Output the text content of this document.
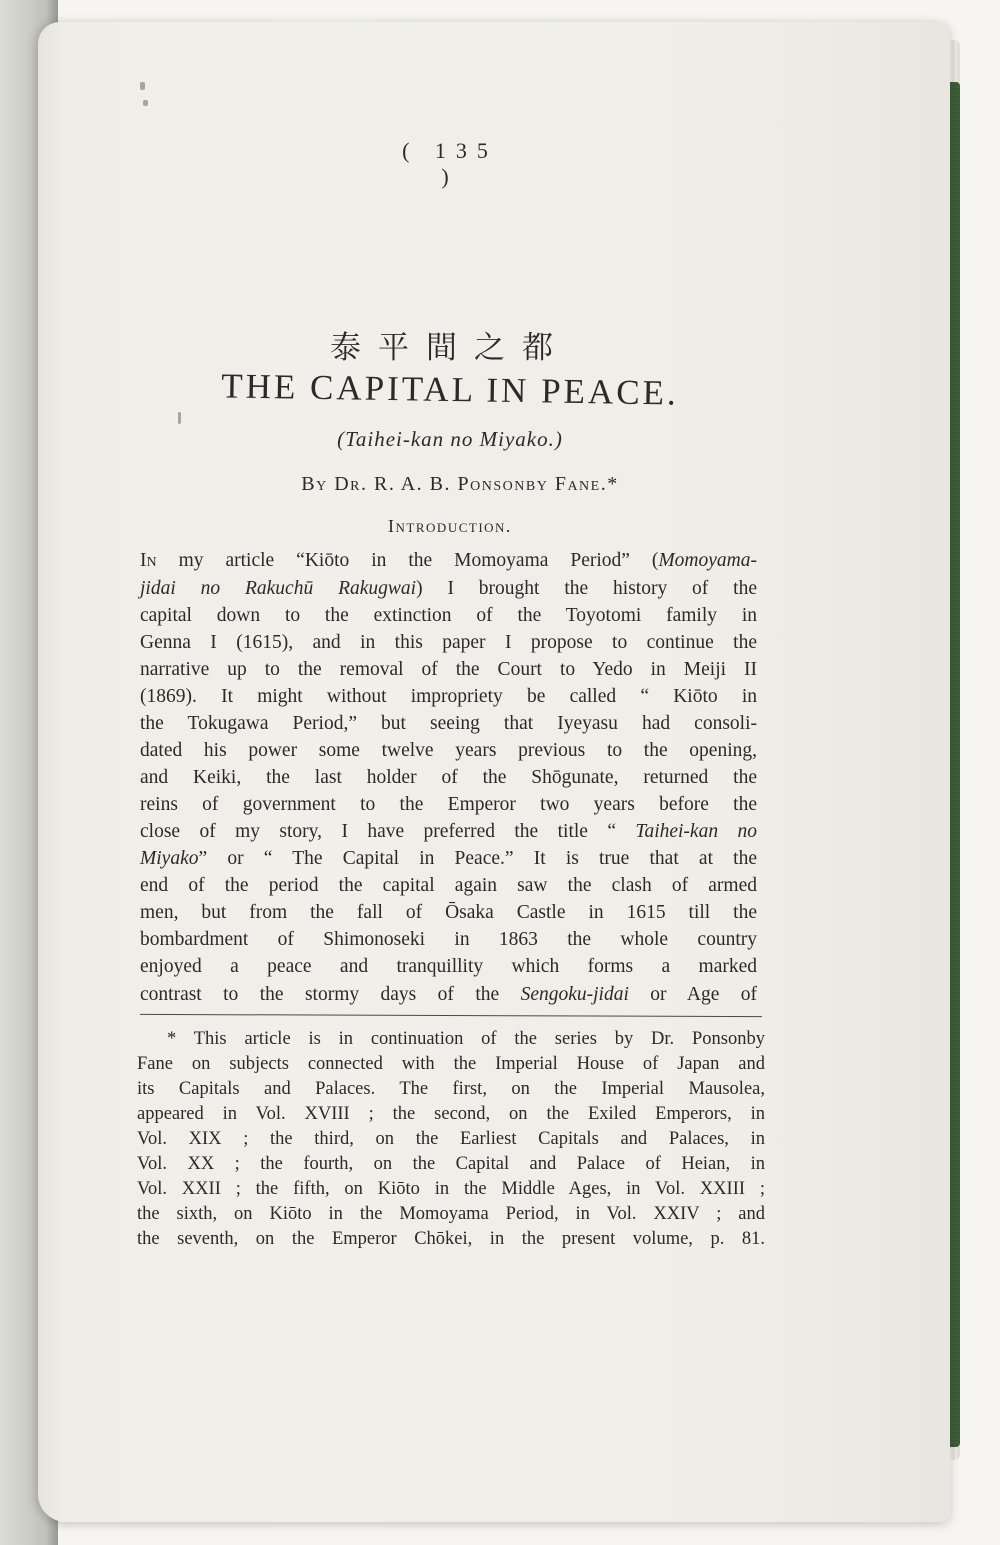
( 135 )
泰平間之都
THE CAPITAL IN PEACE.
(Taihei-kan no Miyako.)
By Dr. R. A. B. Ponsonby Fane.*
Introduction.
In my article “Kiōto in the Momoyama Period” (Momoyama-
jidai no Rakuchū Rakugwai) I brought the history of the
capital down to the extinction of the Toyotomi family in
Genna I (1615), and in this paper I propose to continue the
narrative up to the removal of the Court to Yedo in Meiji II
(1869). It might without impropriety be called “ Kiōto in
the Tokugawa Period,” but seeing that Iyeyasu had consoli-
dated his power some twelve years previous to the opening,
and Keiki, the last holder of the Shōgunate, returned the
reins of government to the Emperor two years before the
close of my story, I have preferred the title “ Taihei-kan no
Miyako” or “ The Capital in Peace.” It is true that at the
end of the period the capital again saw the clash of armed
men, but from the fall of Ōsaka Castle in 1615 till the
bombardment of Shimonoseki in 1863 the whole country
enjoyed a peace and tranquillity which forms a marked
contrast to the stormy days of the Sengoku-jidai or Age of
* This article is in continuation of the series by Dr. Ponsonby
Fane on subjects connected with the Imperial House of Japan and
its Capitals and Palaces. The first, on the Imperial Mausolea,
appeared in Vol. XVIII ; the second, on the Exiled Emperors, in
Vol. XIX ; the third, on the Earliest Capitals and Palaces, in
Vol. XX ; the fourth, on the Capital and Palace of Heian, in
Vol. XXII ; the fifth, on Kiōto in the Middle Ages, in Vol. XXIII ;
the sixth, on Kiōto in the Momoyama Period, in Vol. XXIV ; and
the seventh, on the Emperor Chōkei, in the present volume, p. 81.
